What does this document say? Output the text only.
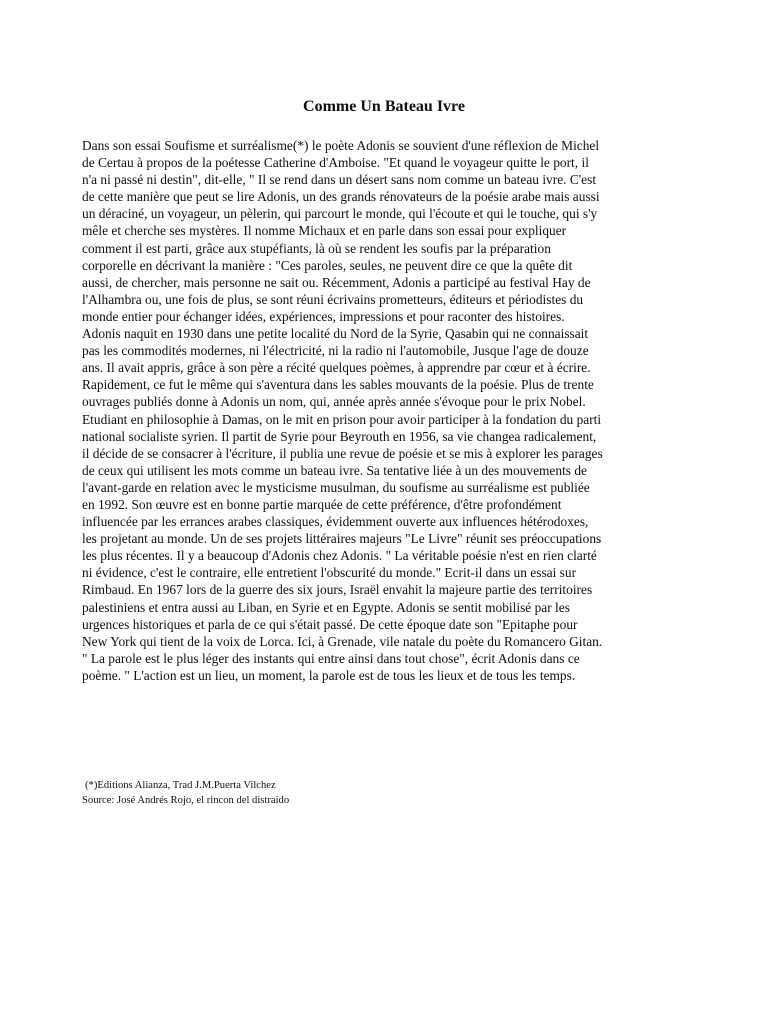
Comme Un Bateau Ivre
Dans son essai Soufisme et surréalisme(*) le poète Adonis se souvient d'une réflexion de Michel
de Certau à propos de la poétesse Catherine d'Amboise. "Et quand le voyageur quitte le port, il
n'a ni passé ni destin", dit-elle, " Il se rend dans un désert sans nom comme un bateau ivre. C'est
de cette manière que peut se lire Adonis, un des grands rénovateurs de la poésie arabe mais aussi
un déraciné, un voyageur, un pèlerin, qui parcourt le monde, qui l'écoute et qui le touche, qui s'y
mêle et cherche ses mystères. Il nomme Michaux et en parle dans son essai pour expliquer
comment il est parti, grâce aux stupéfiants, là où se rendent les soufis par la préparation
corporelle en décrivant la manière : "Ces paroles, seules, ne peuvent dire ce que la quête dit
aussi, de chercher, mais personne ne sait ou. Récemment, Adonis a participé au festival Hay de
l'Alhambra ou, une fois de plus, se sont réuni écrivains prometteurs, éditeurs et périodistes du
monde entier pour échanger idées, expériences, impressions et pour raconter des histoires.
Adonis naquit en 1930 dans une petite localité du Nord de la Syrie, Qasabin qui ne connaissait
pas les commodités modernes, ni l'électricité, ni la radio ni l'automobile, Jusque l'age de douze
ans. Il avait appris, grâce à son père a récité quelques poèmes, à apprendre par cœur et à écrire.
Rapidement, ce fut le même qui s'aventura dans les sables mouvants de la poésie. Plus de trente
ouvrages publiés donne à Adonis un nom, qui, année après année s'évoque pour le prix Nobel.
Etudiant en philosophie à Damas, on le mit en prison pour avoir participer à la fondation du parti
national socialiste syrien. Il partit de Syrie pour Beyrouth en 1956, sa vie changea radicalement,
il décide de se consacrer à l'écriture, il publia une revue de poésie et se mis à explorer les parages
de ceux qui utilisent les mots comme un bateau ivre. Sa tentative liée à un des mouvements de
l'avant-garde en relation avec le mysticisme musulman, du soufisme au surréalisme est publiée
en 1992. Son œuvre est en bonne partie marquée de cette préférence, d'être profondément
influencée par les errances arabes classiques, évidemment ouverte aux influences hétérodoxes,
les projetant au monde. Un de ses projets littéraires majeurs "Le Livre" réunit ses préoccupations
les plus récentes. Il y a beaucoup d'Adonis chez Adonis. " La véritable poésie n'est en rien clarté
ni évidence, c'est le contraire, elle entretient l'obscurité du monde." Ecrit-il dans un essai sur
Rimbaud. En 1967 lors de la guerre des six jours, Israël envahit la majeure partie des territoires
palestiniens et entra aussi au Liban, en Syrie et en Egypte. Adonis se sentit mobilisé par les
urgences historiques et parla de ce qui s'était passé. De cette époque date son "Epitaphe pour
New York qui tient de la voix de Lorca. Ici, à Grenade, vile natale du poète du Romancero Gitan.
" La parole est le plus léger des instants qui entre ainsi dans tout chose", écrit Adonis dans ce
poème. " L'action est un lieu, un moment, la parole est de tous les lieux et de tous les temps.
(*)Editions Alianza, Trad J.M.Puerta Vilchez
Source: José Andrés Rojo, el rincon del distraido
